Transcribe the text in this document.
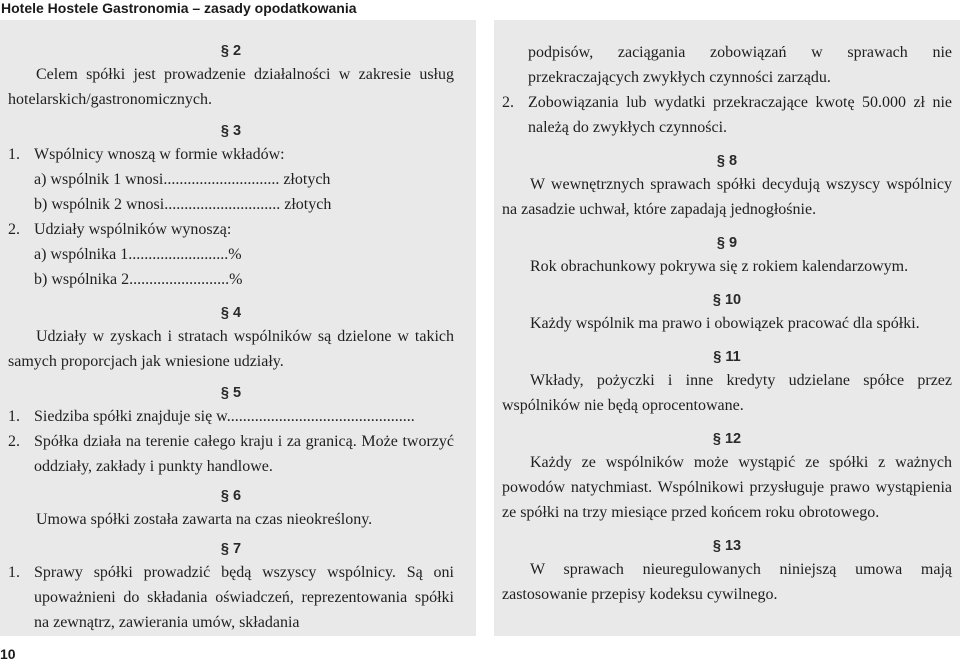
Hotele Hostele Gastronomia – zasady opodatkowania
§ 2

Celem spółki jest prowadzenie działalności w zakresie usług hotelarskich/gastronomicznych.

§ 3
1. Wspólnicy wnoszą w formie wkładów:

a) wspólnik 1 wnosi............................. złotych

b) wspólnik 2 wnosi............................. złotych

2. Udziały wspólników wynoszą:

a) wspólnika 1.........................%

b) wspólnika 2.........................%

§ 4

Udziały w zyskach i stratach wspólników są dzielone w takich samych proporcjach jak wniesione udziały.

§ 5
1. Siedziba spółki znajduje się w...............................................
2. Spółka działa na terenie całego kraju i za granicą. Może tworzyć oddziały, zakłady i punkty handlowe.
§ 6

Umowa spółki została zawarta na czas nieokreślony.

§ 7
1. Sprawy spółki prowadzić będą wszyscy wspólnicy. Są oni upoważnieni do składania oświadczeń, reprezentowania spółki na zewnątrz, zawierania umów, składania

podpisów, zaciągania zobowiązań w sprawach nie przekraczających zwykłych czynności zarządu.

2. Zobowiązania lub wydatki przekraczające kwotę 50.000 zł nie należą do zwykłych czynności.
§ 8

W wewnętrznych sprawach spółki decydują wszyscy wspólnicy na zasadzie uchwał, które zapadają jednogłośnie.

§ 9

Rok obrachunkowy pokrywa się z rokiem kalendarzowym.

§ 10

Każdy wspólnik ma prawo i obowiązek pracować dla spółki.

§ 11

Wkłady, pożyczki i inne kredyty udzielane spółce przez wspólników nie będą oprocentowane.

§ 12

Każdy ze wspólników może wystąpić ze spółki z ważnych powodów natychmiast. Wspólnikowi przysługuje prawo wystąpienia ze spółki na trzy miesiące przed końcem roku obrotowego.

§ 13

W sprawach nieuregulowanych niniejszą umowa mają zastosowanie przepisy kodeksu cywilnego.

10
